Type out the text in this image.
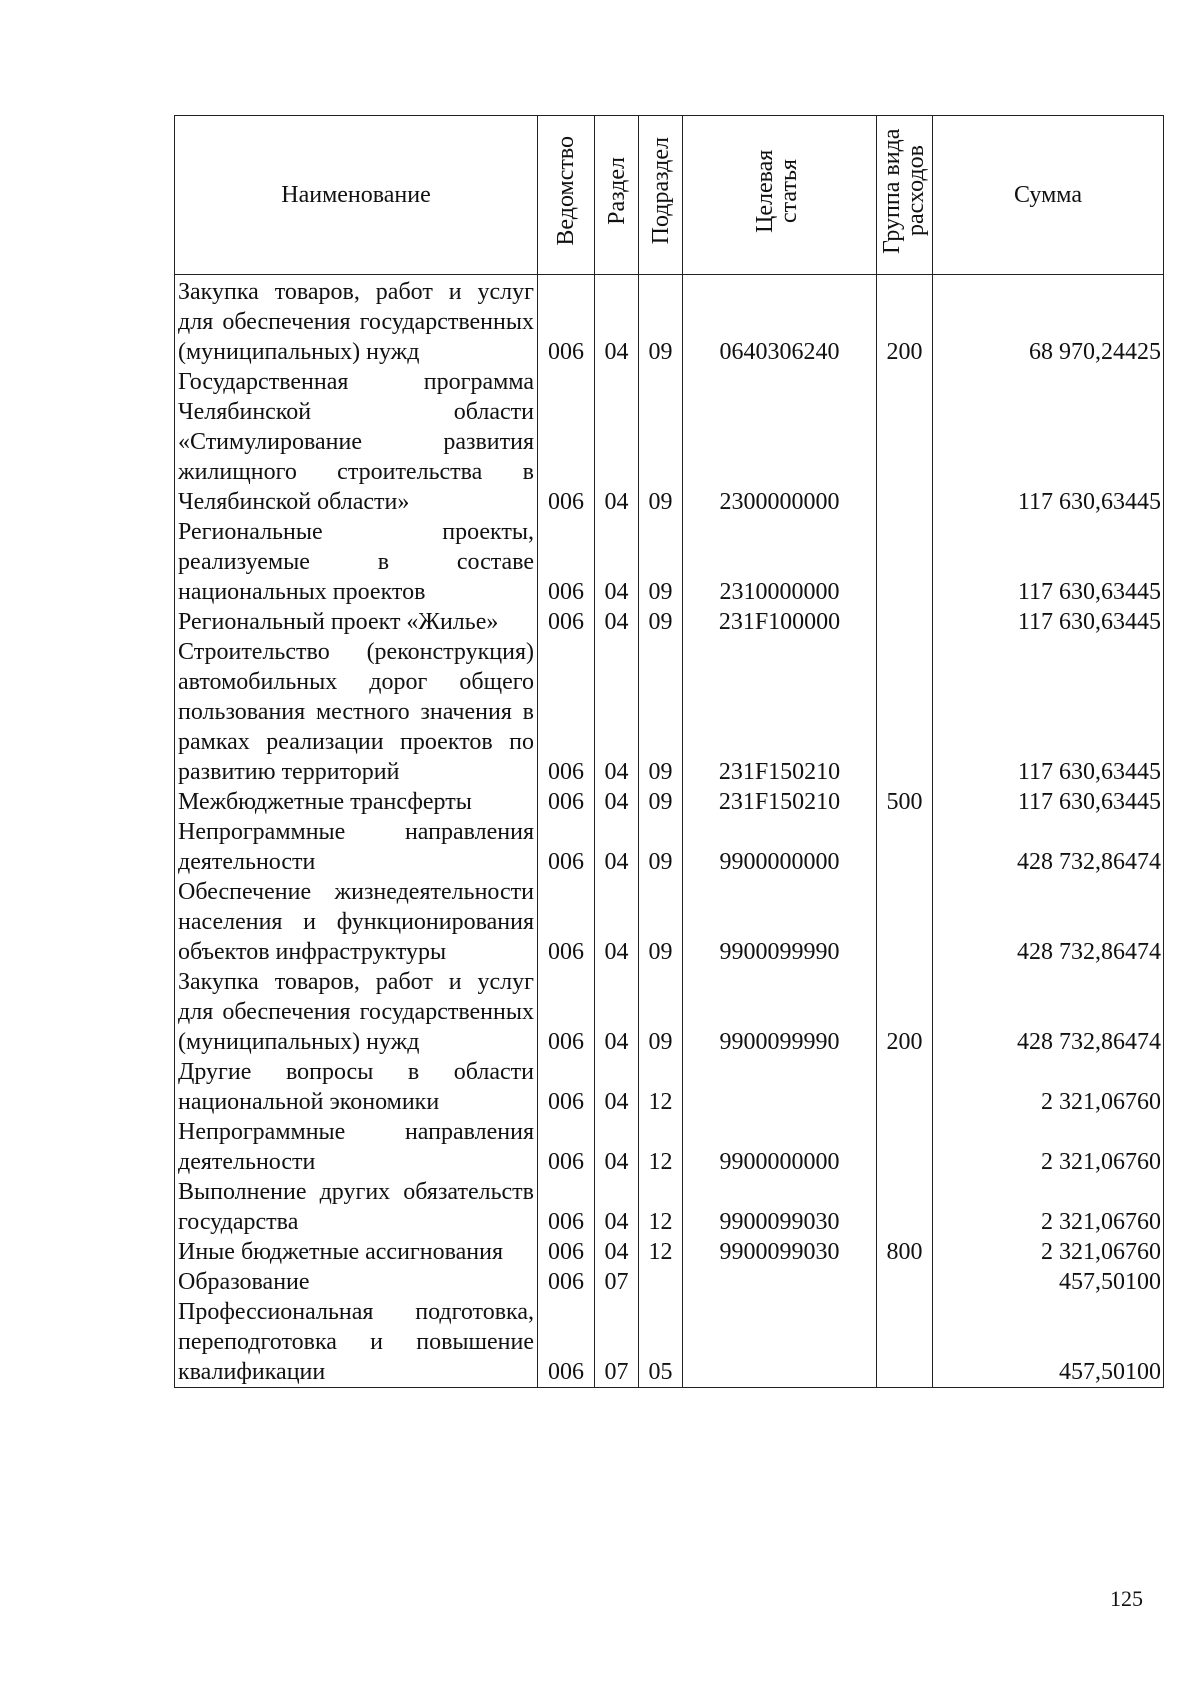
Наименование	Ведомство	Раздел	Подраздел	Целевая статья	Группа вида расходов	Сумма
Закупка товаров, работ и услуг для обеспечения государственных (муниципальных) нужд	006	04	09	0640306240	200	68 970,24425
Государственная программа Челябинской области «Стимулирование развития жилищного строительства в Челябинской области»	006	04	09	2300000000		117 630,63445
Региональные проекты, реализуемые в составе национальных проектов	006	04	09	2310000000		117 630,63445
Региональный проект «Жилье»	006	04	09	231F100000		117 630,63445
Строительство (реконструкция) автомобильных дорог общего пользования местного значения в рамках реализации проектов по развитию территорий	006	04	09	231F150210		117 630,63445
Межбюджетные трансферты	006	04	09	231F150210	500	117 630,63445
Непрограммные направления деятельности	006	04	09	9900000000		428 732,86474
Обеспечение жизнедеятельности населения и функционирования объектов инфраструктуры	006	04	09	9900099990		428 732,86474
Закупка товаров, работ и услуг для обеспечения государственных (муниципальных) нужд	006	04	09	9900099990	200	428 732,86474
Другие вопросы в области национальной экономики	006	04	12			2 321,06760
Непрограммные направления деятельности	006	04	12	9900000000		2 321,06760
Выполнение других обязательств государства	006	04	12	9900099030		2 321,06760
Иные бюджетные ассигнования	006	04	12	9900099030	800	2 321,06760
Образование	006	07				457,50100
Профессиональная подготовка, переподготовка и повышение квалификации	006	07	05			457,50100
125
